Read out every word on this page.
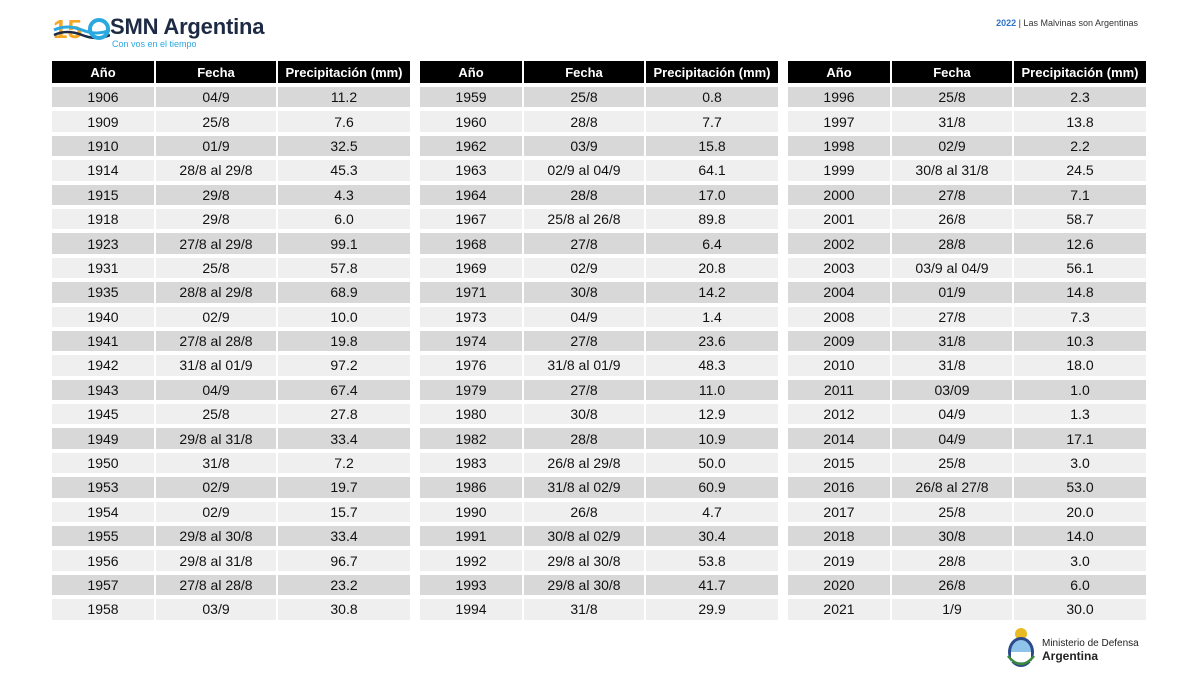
15 SMN Argentina
Con vos en el tiempo
2022 | Las Malvinas son Argentinas
Año	Fecha	Precipitación (mm)
1906	04/9	11.2
1909	25/8	7.6
1910	01/9	32.5
1914	28/8 al 29/8	45.3
1915	29/8	4.3
1918	29/8	6.0
1923	27/8 al 29/8	99.1
1931	25/8	57.8
1935	28/8 al 29/8	68.9
1940	02/9	10.0
1941	27/8 al 28/8	19.8
1942	31/8 al 01/9	97.2
1943	04/9	67.4
1945	25/8	27.8
1949	29/8 al 31/8	33.4
1950	31/8	7.2
1953	02/9	19.7
1954	02/9	15.7
1955	29/8 al 30/8	33.4
1956	29/8 al 31/8	96.7
1957	27/8 al 28/8	23.2
1958	03/9	30.8
Año	Fecha	Precipitación (mm)
1959	25/8	0.8
1960	28/8	7.7
1962	03/9	15.8
1963	02/9 al 04/9	64.1
1964	28/8	17.0
1967	25/8 al 26/8	89.8
1968	27/8	6.4
1969	02/9	20.8
1971	30/8	14.2
1973	04/9	1.4
1974	27/8	23.6
1976	31/8 al 01/9	48.3
1979	27/8	11.0
1980	30/8	12.9
1982	28/8	10.9
1983	26/8 al 29/8	50.0
1986	31/8 al 02/9	60.9
1990	26/8	4.7
1991	30/8 al 02/9	30.4
1992	29/8 al 30/8	53.8
1993	29/8 al 30/8	41.7
1994	31/8	29.9
Año	Fecha	Precipitación (mm)
1996	25/8	2.3
1997	31/8	13.8
1998	02/9	2.2
1999	30/8 al 31/8	24.5
2000	27/8	7.1
2001	26/8	58.7
2002	28/8	12.6
2003	03/9 al 04/9	56.1
2004	01/9	14.8
2008	27/8	7.3
2009	31/8	10.3
2010	31/8	18.0
2011	03/09	1.0
2012	04/9	1.3
2014	04/9	17.1
2015	25/8	3.0
2016	26/8 al 27/8	53.0
2017	25/8	20.0
2018	30/8	14.0
2019	28/8	3.0
2020	26/8	6.0
2021	1/9	30.0
Ministerio de Defensa
Argentina
